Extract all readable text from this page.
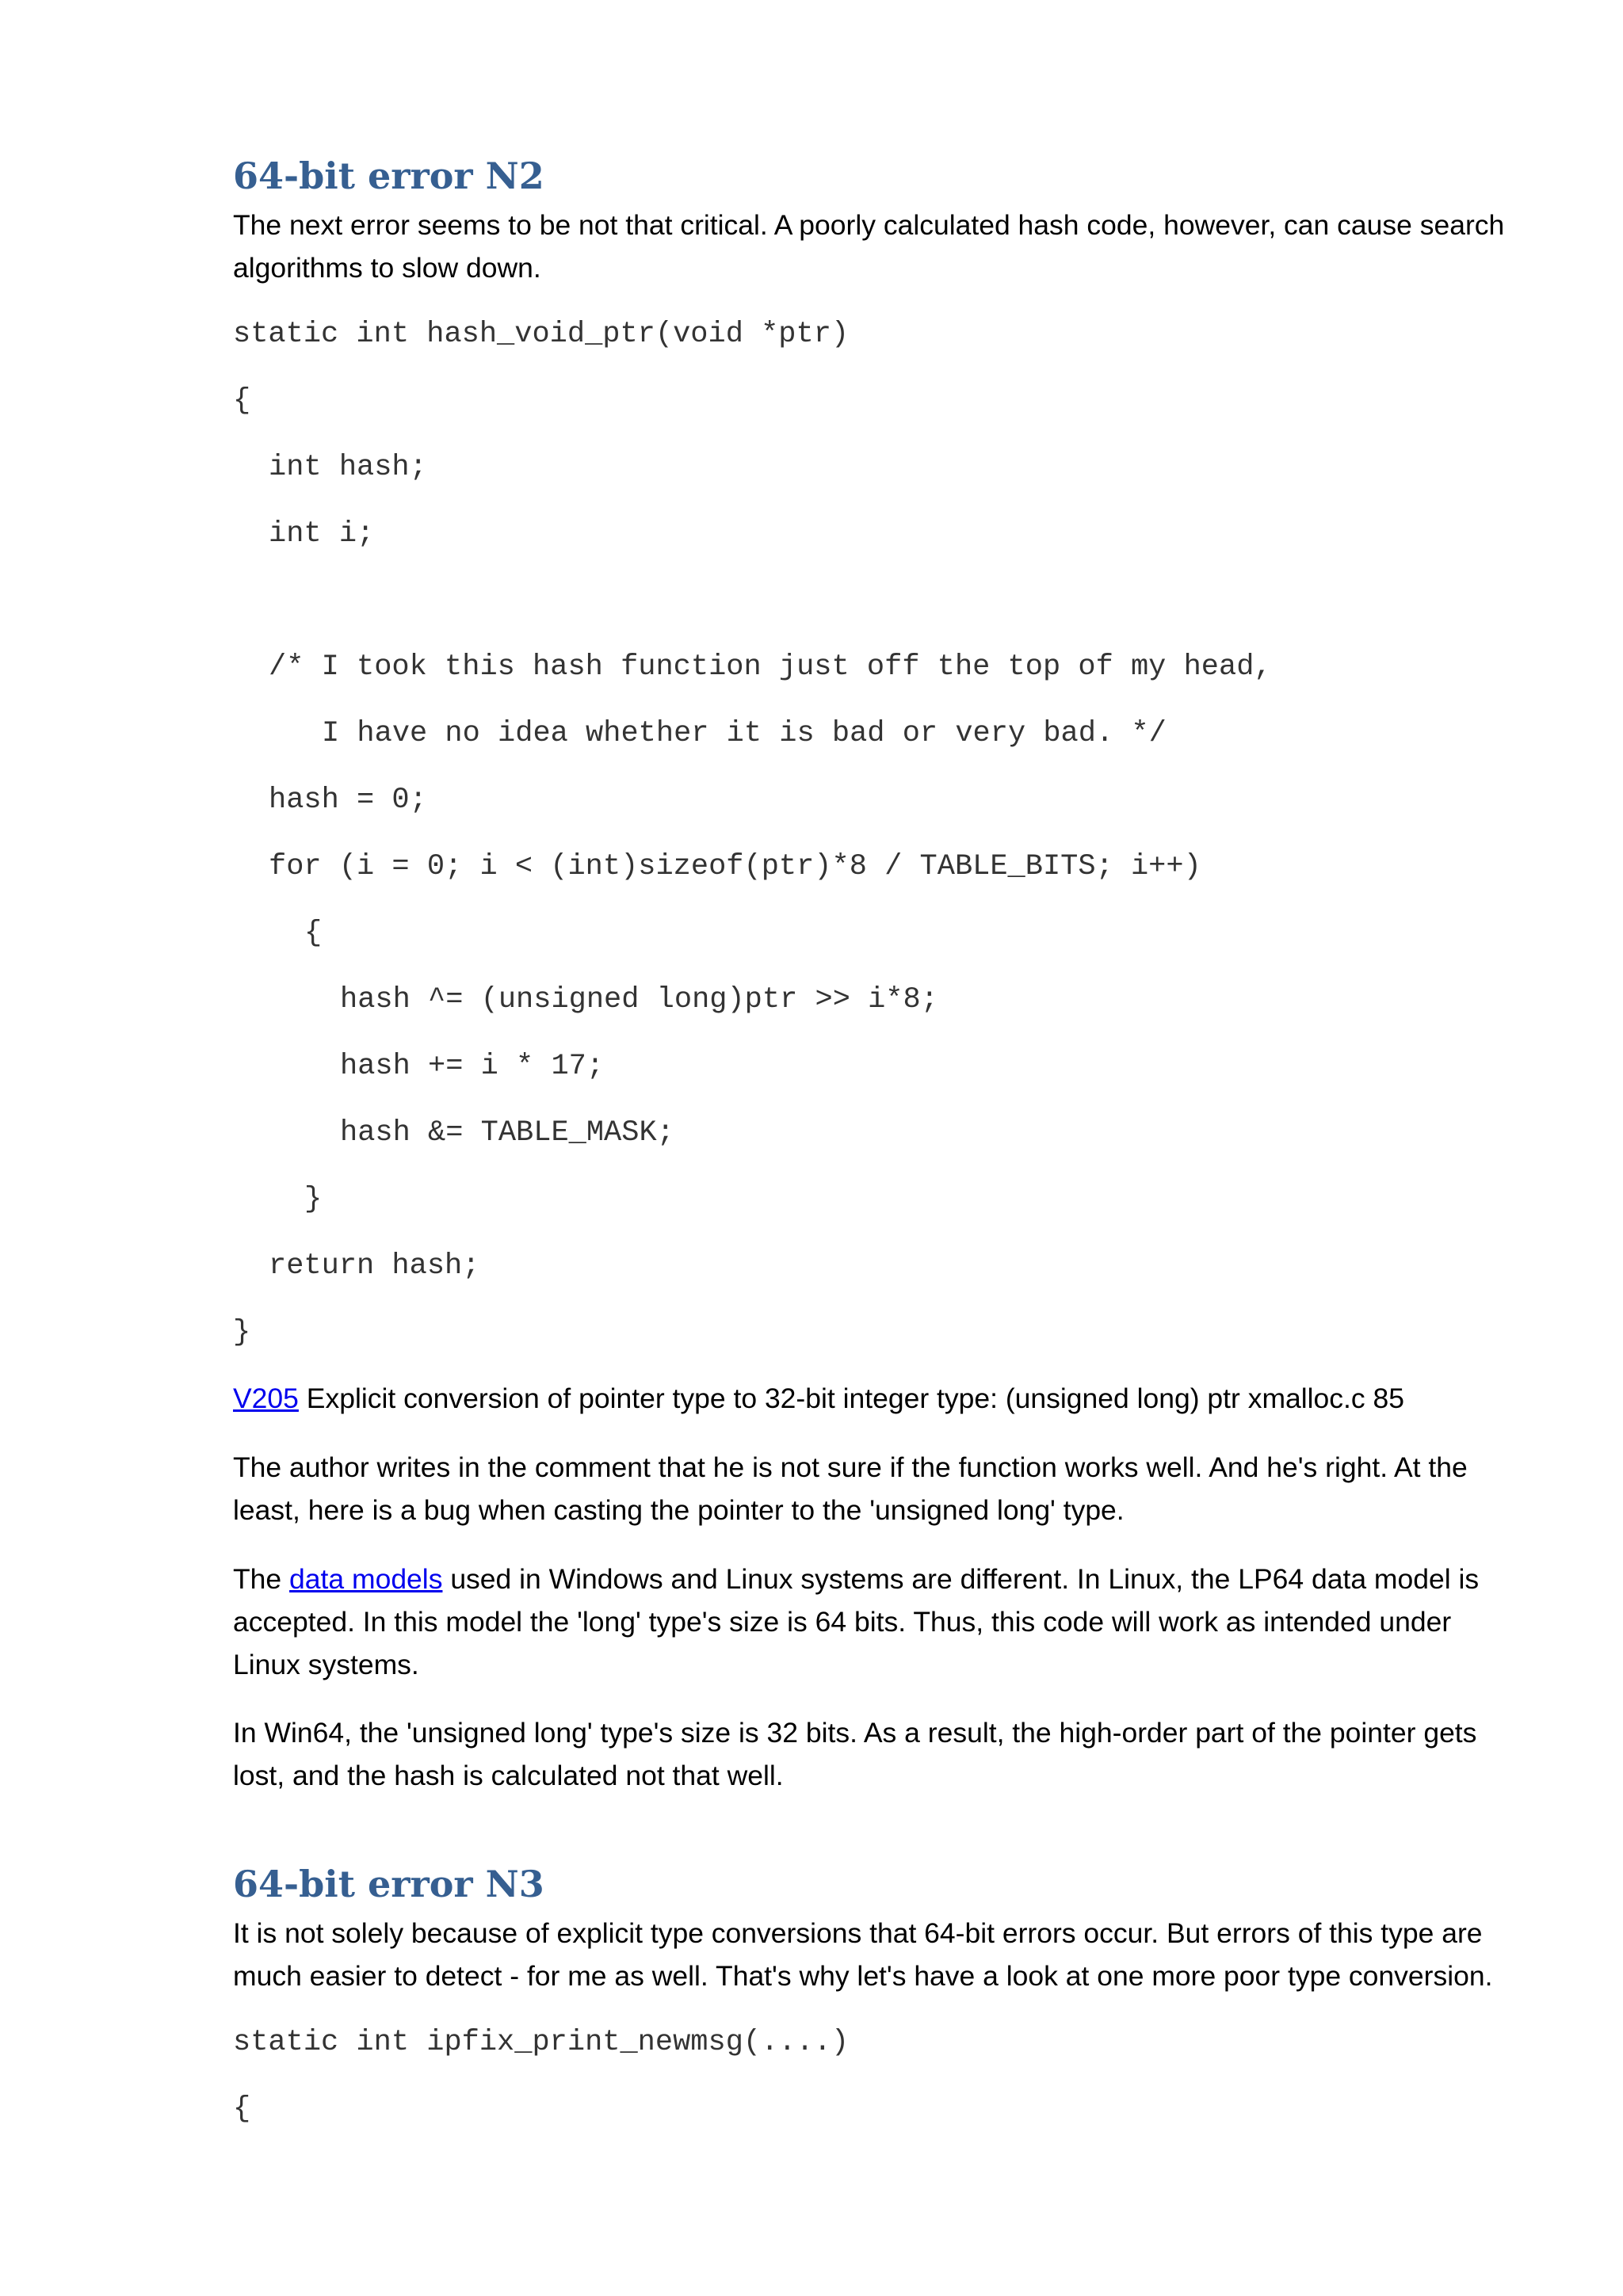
64-bit error N2
The next error seems to be not that critical. A poorly calculated hash code, however, can cause search algorithms to slow down.
static int hash_void_ptr(void *ptr)
{
int hash;
int i;
/* I took this hash function just off the top of my head,
I have no idea whether it is bad or very bad. */
hash = 0;
for (i = 0; i < (int)sizeof(ptr)*8 / TABLE_BITS; i++)
{
hash ^= (unsigned long)ptr >> i*8;
hash += i * 17;
hash &= TABLE_MASK;
}
return hash;
}
V205 Explicit conversion of pointer type to 32-bit integer type: (unsigned long) ptr xmalloc.c 85
The author writes in the comment that he is not sure if the function works well. And he's right. At the least, here is a bug when casting the pointer to the 'unsigned long' type.
The data models used in Windows and Linux systems are different. In Linux, the LP64 data model is accepted. In this model the 'long' type's size is 64 bits. Thus, this code will work as intended under Linux systems.
In Win64, the 'unsigned long' type's size is 32 bits. As a result, the high-order part of the pointer gets lost, and the hash is calculated not that well.
64-bit error N3
It is not solely because of explicit type conversions that 64-bit errors occur. But errors of this type are much easier to detect - for me as well. That's why let's have a look at one more poor type conversion.
static int ipfix_print_newmsg(....)
{
